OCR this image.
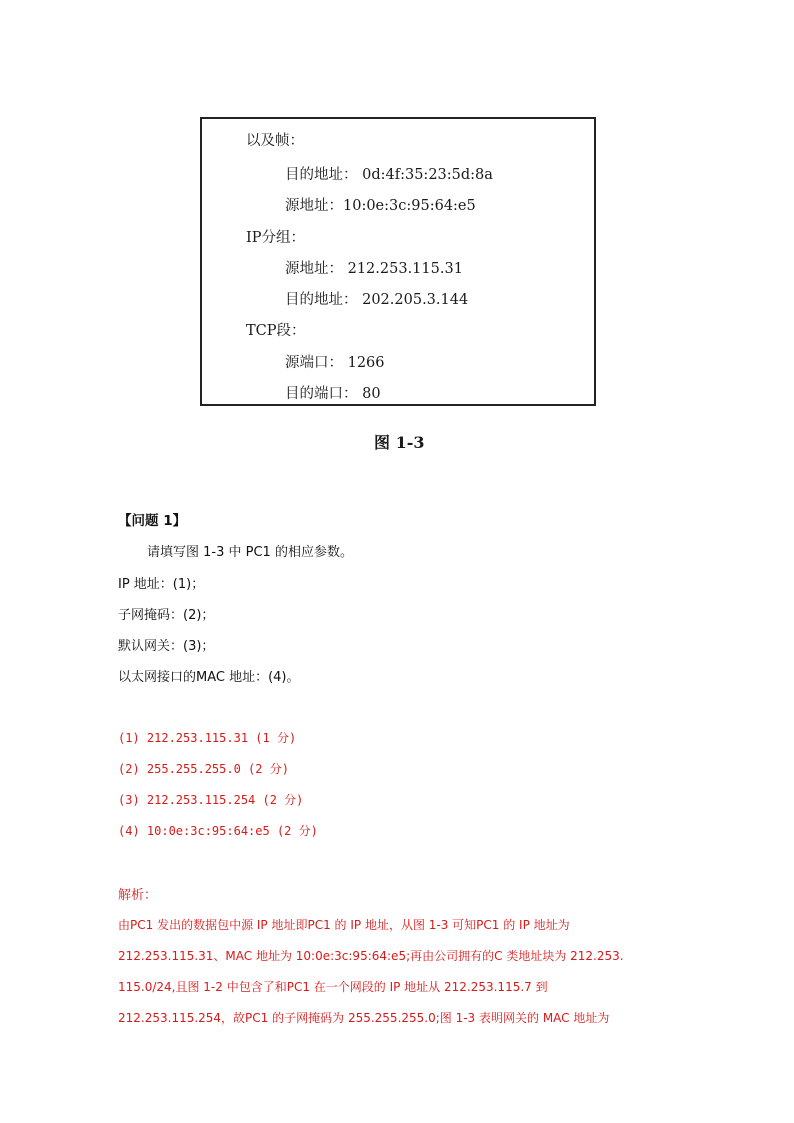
以及帧：
目的地址： 0d:4f:35:23:5d:8a
源地址：10:0e:3c:95:64:e5
IP分组：
源地址： 212.253.115.31
目的地址： 202.205.3.144
TCP段：
源端口： 1266
目的端口： 80
图 1-3
【问题 1】
请填写图 1-3 中 PC1 的相应参数。
IP 地址：(1)；
子网掩码：(2)；
默认网关：(3)；
以太网接口的MAC 地址：(4)。
(1) 212.253.115.31 (1 分)
(2) 255.255.255.0 (2 分)
(3) 212.253.115.254 (2 分)
(4) 10:0e:3c:95:64:e5 (2 分)
解析：
由PC1 发出的数据包中源 IP 地址即PC1 的 IP 地址，从图 1-3 可知PC1 的 IP 地址为
212.253.115.31、MAC 地址为 10:0e:3c:95:64:e5;再由公司拥有的C 类地址块为 212.253.
115.0/24,且图 1-2 中包含了和PC1 在一个网段的 IP 地址从 212.253.115.7 到
212.253.115.254，故PC1 的子网掩码为 255.255.255.0;图 1-3 表明网关的 MAC 地址为
